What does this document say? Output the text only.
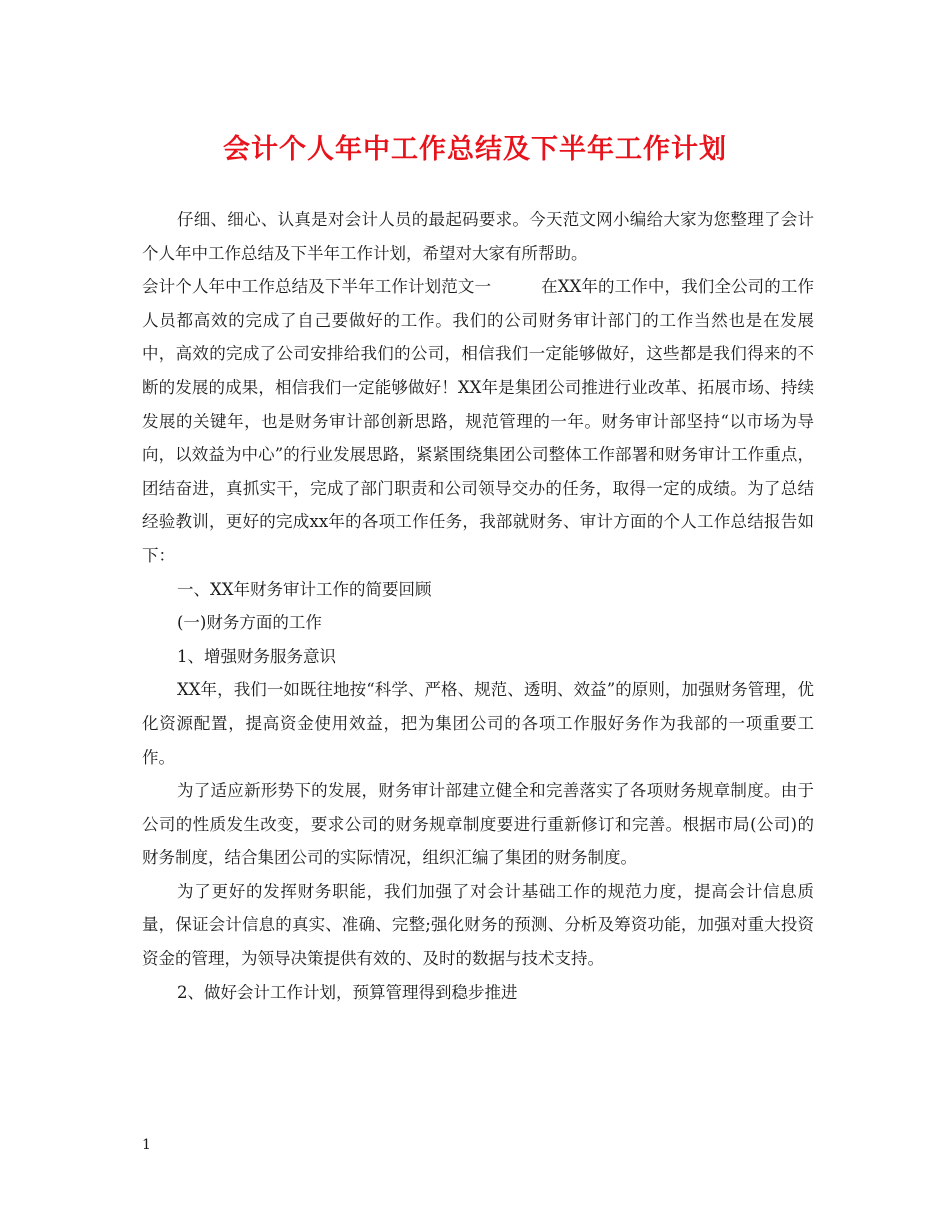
会计个人年中工作总结及下半年工作计划

仔细、细心、认真是对会计人员的最起码要求。今天范文网小编给大家为您整理了会计个人年中工作总结及下半年工作计划，希望对大家有所帮助。

会计个人年中工作总结及下半年工作计划范文一　　　在XX年的工作中，我们全公司的工作人员都高效的完成了自己要做好的工作。我们的公司财务审计部门的工作当然也是在发展中，高效的完成了公司安排给我们的公司，相信我们一定能够做好，这些都是我们得来的不断的发展的成果，相信我们一定能够做好！XX年是集团公司推进行业改革、拓展市场、持续发展的关键年，也是财务审计部创新思路，规范管理的一年。财务审计部坚持“以市场为导向，以效益为中心”的行业发展思路，紧紧围绕集团公司整体工作部署和财务审计工作重点，团结奋进，真抓实干，完成了部门职责和公司领导交办的任务，取得一定的成绩。为了总结经验教训，更好的完成xx年的各项工作任务，我部就财务、审计方面的个人工作总结报告如下：

一、XX年财务审计工作的简要回顾

(一)财务方面的工作

1、增强财务服务意识

XX年，我们一如既往地按“科学、严格、规范、透明、效益”的原则，加强财务管理，优化资源配置，提高资金使用效益，把为集团公司的各项工作服好务作为我部的一项重要工作。

为了适应新形势下的发展，财务审计部建立健全和完善落实了各项财务规章制度。由于公司的性质发生改变，要求公司的财务规章制度要进行重新修订和完善。根据市局(公司)的财务制度，结合集团公司的实际情况，组织汇编了集团的财务制度。

为了更好的发挥财务职能，我们加强了对会计基础工作的规范力度，提高会计信息质量，保证会计信息的真实、准确、完整;强化财务的预测、分析及筹资功能，加强对重大投资资金的管理，为领导决策提供有效的、及时的数据与技术支持。

2、做好会计工作计划，预算管理得到稳步推进

1
